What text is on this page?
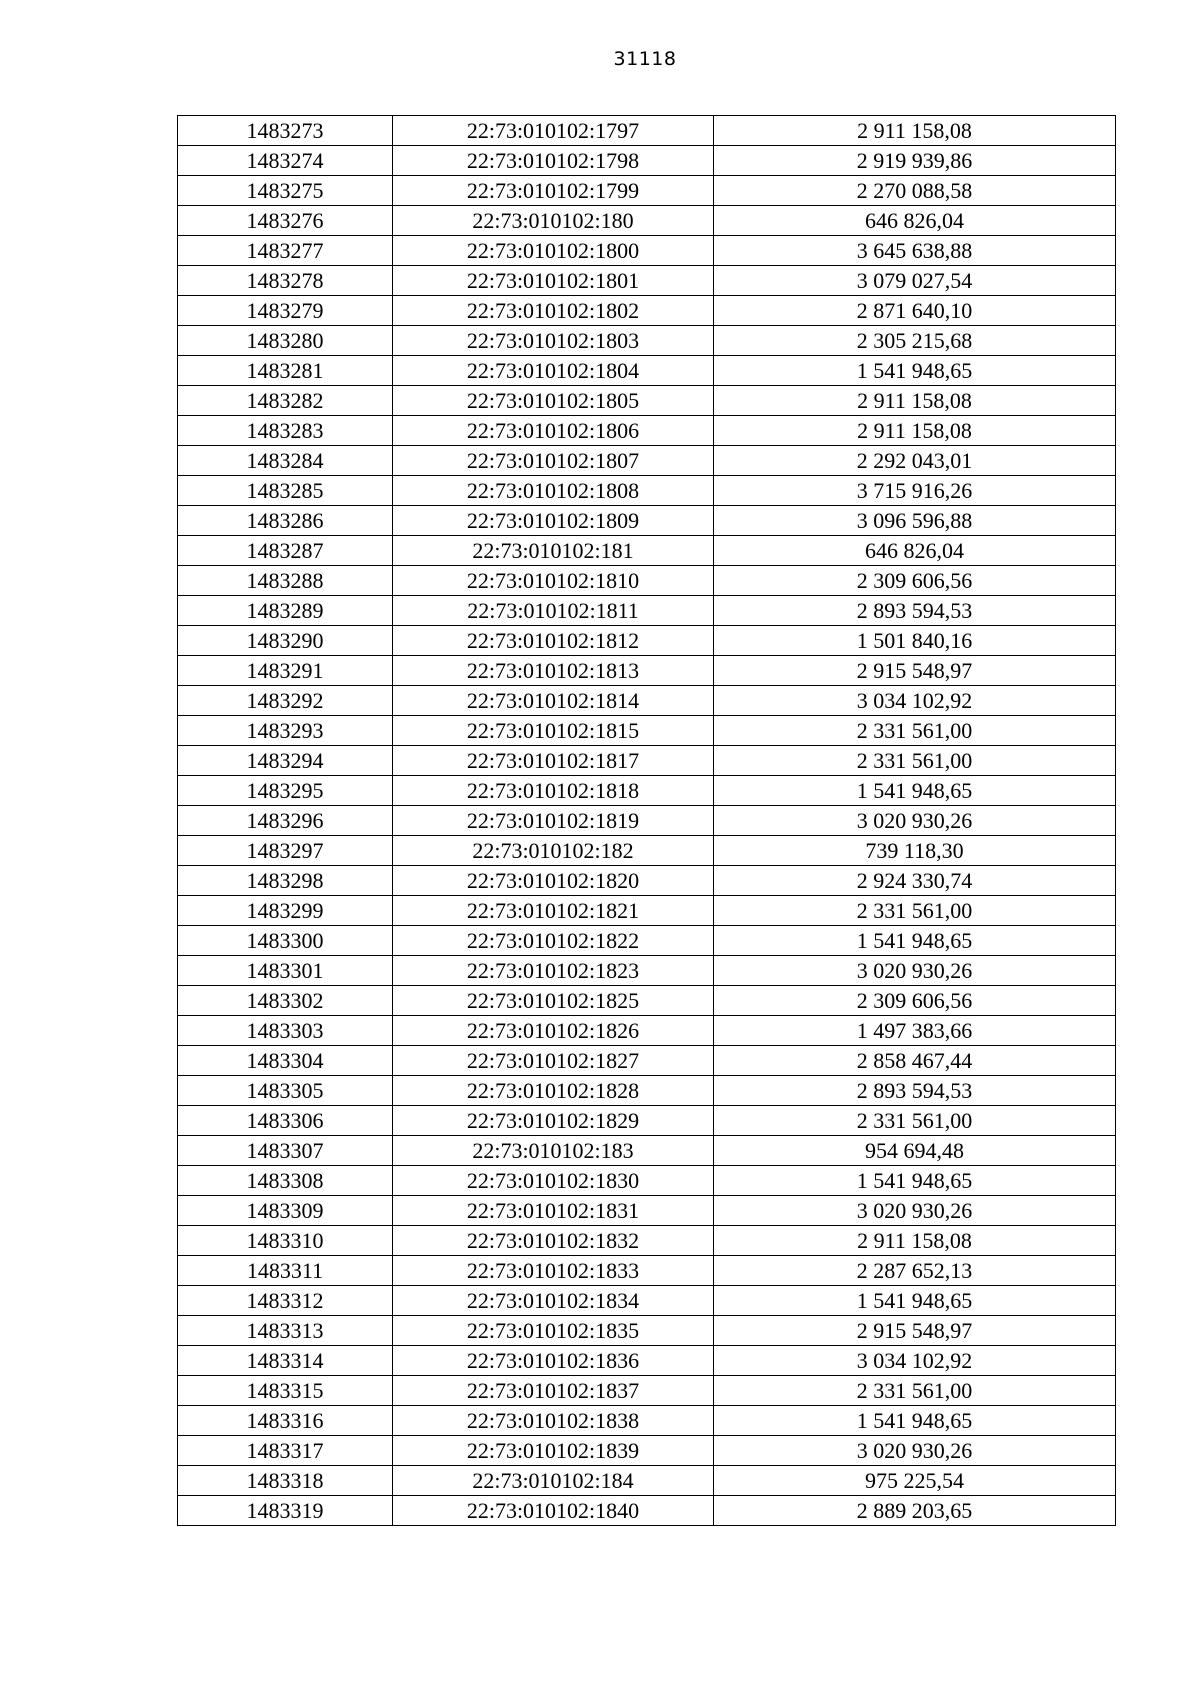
31118
1483273	22:73:010102:1797	2 911 158,08
1483274	22:73:010102:1798	2 919 939,86
1483275	22:73:010102:1799	2 270 088,58
1483276	22:73:010102:180	646 826,04
1483277	22:73:010102:1800	3 645 638,88
1483278	22:73:010102:1801	3 079 027,54
1483279	22:73:010102:1802	2 871 640,10
1483280	22:73:010102:1803	2 305 215,68
1483281	22:73:010102:1804	1 541 948,65
1483282	22:73:010102:1805	2 911 158,08
1483283	22:73:010102:1806	2 911 158,08
1483284	22:73:010102:1807	2 292 043,01
1483285	22:73:010102:1808	3 715 916,26
1483286	22:73:010102:1809	3 096 596,88
1483287	22:73:010102:181	646 826,04
1483288	22:73:010102:1810	2 309 606,56
1483289	22:73:010102:1811	2 893 594,53
1483290	22:73:010102:1812	1 501 840,16
1483291	22:73:010102:1813	2 915 548,97
1483292	22:73:010102:1814	3 034 102,92
1483293	22:73:010102:1815	2 331 561,00
1483294	22:73:010102:1817	2 331 561,00
1483295	22:73:010102:1818	1 541 948,65
1483296	22:73:010102:1819	3 020 930,26
1483297	22:73:010102:182	739 118,30
1483298	22:73:010102:1820	2 924 330,74
1483299	22:73:010102:1821	2 331 561,00
1483300	22:73:010102:1822	1 541 948,65
1483301	22:73:010102:1823	3 020 930,26
1483302	22:73:010102:1825	2 309 606,56
1483303	22:73:010102:1826	1 497 383,66
1483304	22:73:010102:1827	2 858 467,44
1483305	22:73:010102:1828	2 893 594,53
1483306	22:73:010102:1829	2 331 561,00
1483307	22:73:010102:183	954 694,48
1483308	22:73:010102:1830	1 541 948,65
1483309	22:73:010102:1831	3 020 930,26
1483310	22:73:010102:1832	2 911 158,08
1483311	22:73:010102:1833	2 287 652,13
1483312	22:73:010102:1834	1 541 948,65
1483313	22:73:010102:1835	2 915 548,97
1483314	22:73:010102:1836	3 034 102,92
1483315	22:73:010102:1837	2 331 561,00
1483316	22:73:010102:1838	1 541 948,65
1483317	22:73:010102:1839	3 020 930,26
1483318	22:73:010102:184	975 225,54
1483319	22:73:010102:1840	2 889 203,65
